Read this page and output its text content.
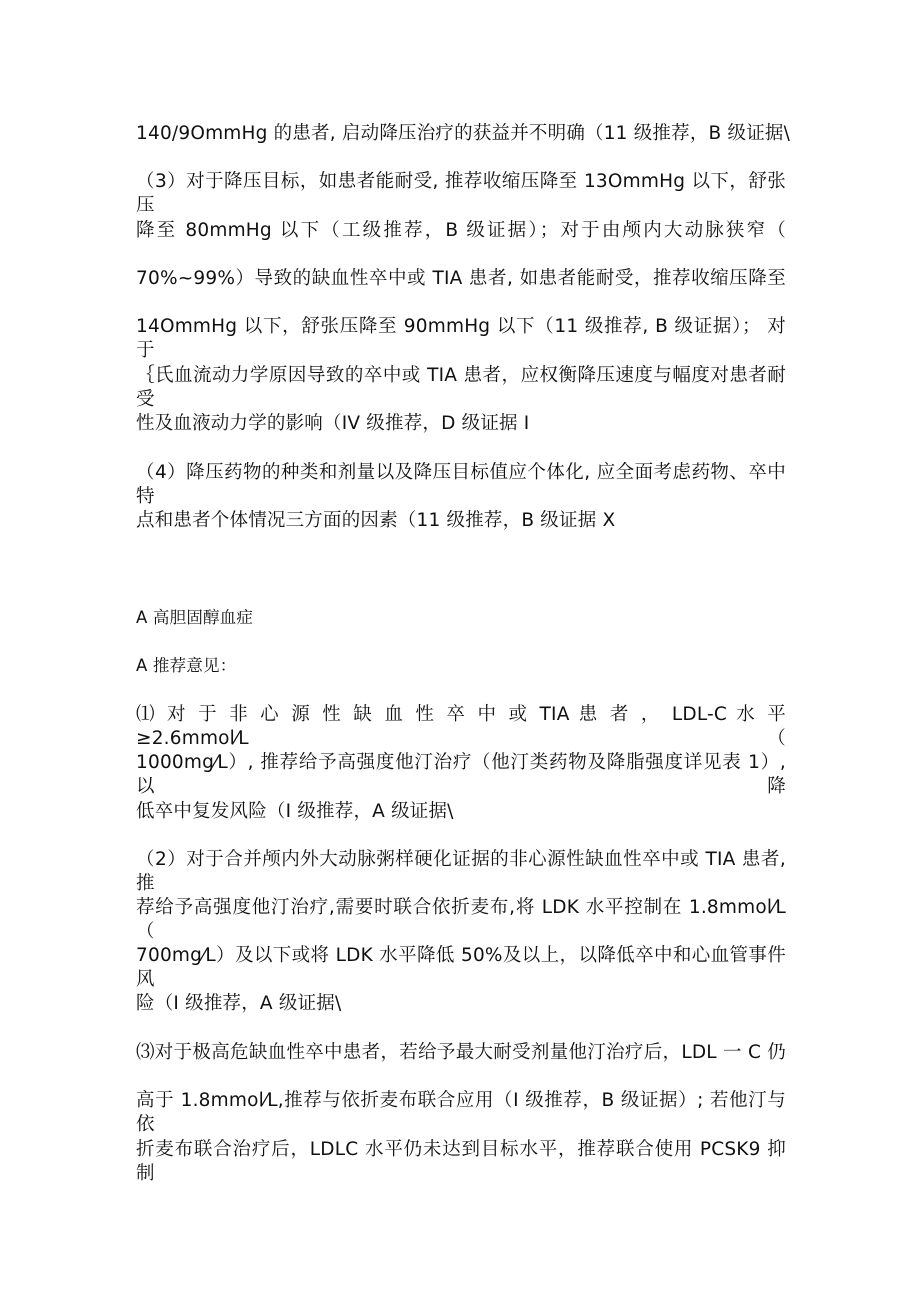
140/9OmmHg 的患者, 启动降压治疗的获益并不明确（11 级推荐，B 级证据\
（3）对于降压目标，如患者能耐受, 推荐收缩压降至 13OmmHg 以下，舒张压
降至 80mmHg 以下（工级推荐，B 级证据）；对于由颅内大动脉狭窄（
70%~99%）导致的缺血性卒中或 TIA 患者, 如患者能耐受，推荐收缩压降至
14OmmHg 以下，舒张压降至 90mmHg 以下（11 级推荐, B 级证据）； 对于
｛氏血流动力学原因导致的卒中或 TIA 患者，应权衡降压速度与幅度对患者耐受
性及血液动力学的影响（IV 级推荐，D 级证据 I
（4）降压药物的种类和剂量以及降压目标值应个体化, 应全面考虑药物、卒中特
点和患者个体情况三方面的因素（11 级推荐，B 级证据 X
A 高胆固醇血症
A 推荐意见：
⑴ 对 于 非 心 源 性 缺 血 性 卒 中 或 TIA 患 者 ， LDL-C 水 平 ≥2.6mmol⁄L （
1000mg⁄L）, 推荐给予高强度他汀治疗（他汀类药物及降脂强度详见表 1）,以降
低卒中复发风险（I 级推荐，A 级证据\
（2）对于合并颅内外大动脉粥样硬化证据的非心源性缺血性卒中或 TIA 患者, 推
荐给予高强度他汀治疗,需要时联合依折麦布,将 LDK 水平控制在 1.8mmol⁄L（
700mg⁄L）及以下或将 LDK 水平降低 50%及以上，以降低卒中和心血管事件风
险（I 级推荐，A 级证据\
⑶对于极高危缺血性卒中患者，若给予最大耐受剂量他汀治疗后，LDL 一 C 仍
高于 1.8mmol⁄L,推荐与依折麦布联合应用（I 级推荐，B 级证据）; 若他汀与依
折麦布联合治疗后，LDLC 水平仍未达到目标水平，推荐联合使用 PCSK9 抑制
